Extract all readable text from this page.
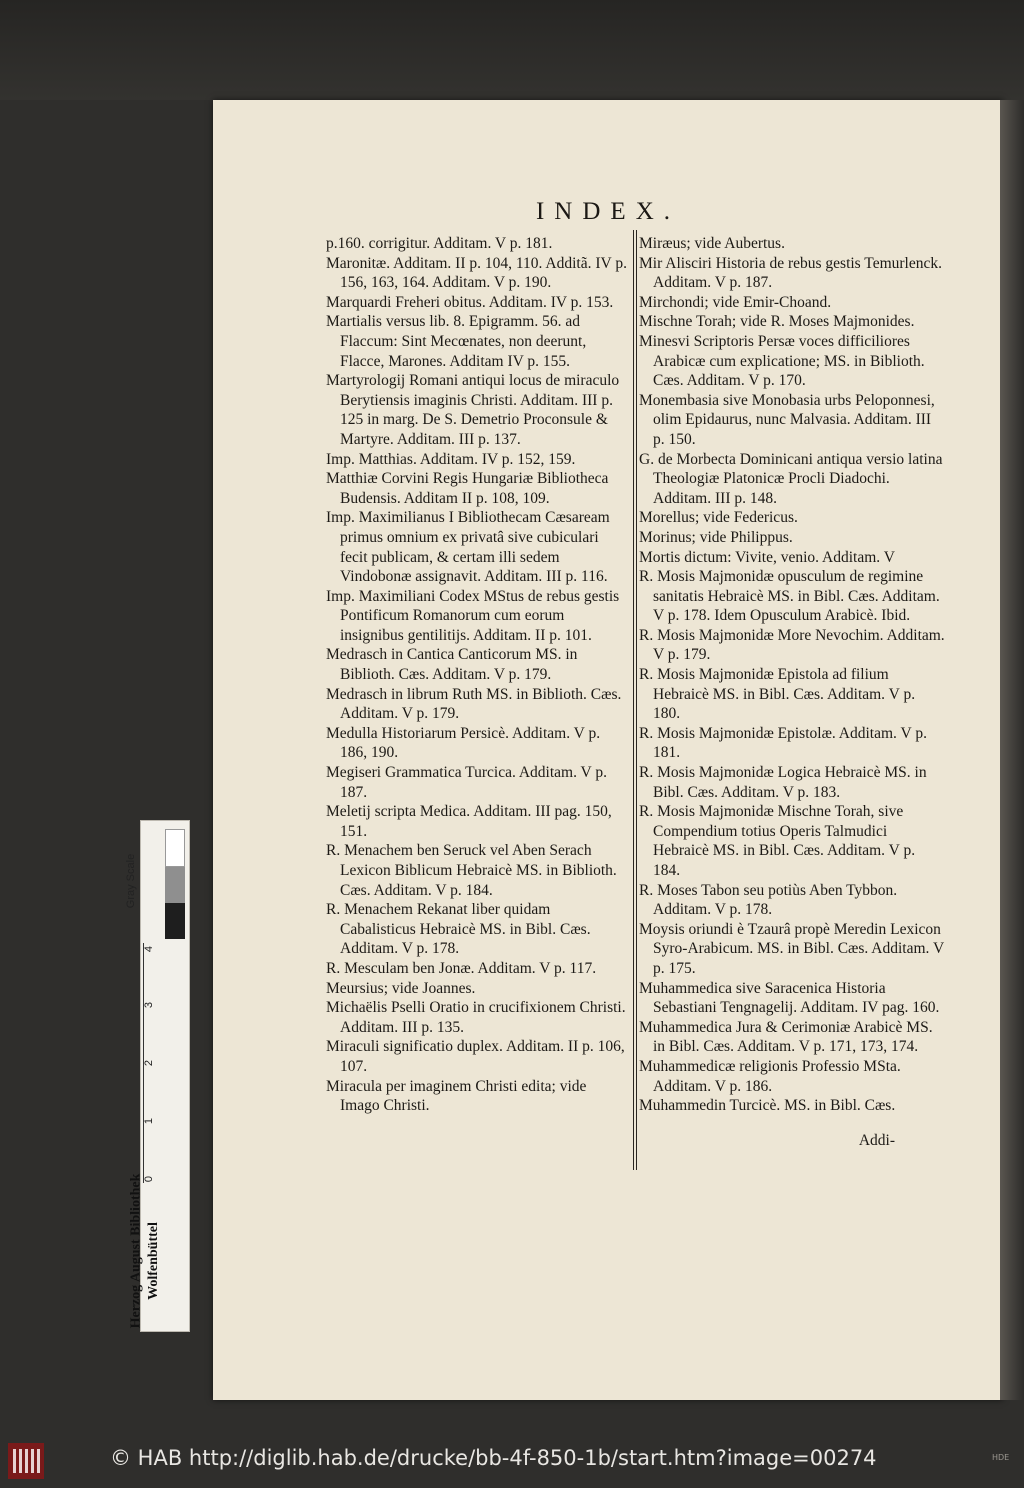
INDEX.

p.160. corrigitur. Additam. V p. 181.

Maronitæ. Additam. II p. 104, 110. Additã. IV p. 156, 163, 164. Additam. V p. 190.

Marquardi Freheri obitus. Additam. IV p. 153.

Martialis versus lib. 8. Epigramm. 56. ad Flaccum: Sint Mecœnates, non deerunt, Flacce, Marones. Additam IV p. 155.

Martyrologij Romani antiqui locus de miraculo Berytiensis imaginis Christi. Additam. III p. 125 in marg. De S. Demetrio Proconsule & Martyre. Additam. III p. 137.

Imp. Matthias. Additam. IV p. 152, 159.

Matthiæ Corvini Regis Hungariæ Bibliotheca Budensis. Additam II p. 108, 109.

Imp. Maximilianus I Bibliothecam Cæsaream primus omnium ex privatâ sive cubiculari fecit publicam, & certam illi sedem Vindobonæ assignavit. Additam. III p. 116.

Imp. Maximiliani Codex MStus de rebus gestis Pontificum Romanorum cum eorum insignibus gentilitijs. Additam. II p. 101.

Medrasch in Cantica Canticorum MS. in Biblioth. Cæs. Additam. V p. 179.

Medrasch in librum Ruth MS. in Biblioth. Cæs. Additam. V p. 179.

Medulla Historiarum Persicè. Additam. V p. 186, 190.

Megiseri Grammatica Turcica. Additam. V p. 187.

Meletij scripta Medica. Additam. III pag. 150, 151.

R. Menachem ben Seruck vel Aben Serach Lexicon Biblicum Hebraicè MS. in Biblioth. Cæs. Additam. V p. 184.

R. Menachem Rekanat liber quidam Cabalisticus Hebraicè MS. in Bibl. Cæs. Additam. V p. 178.

R. Mesculam ben Jonæ. Additam. V p. 117.

Meursius; vide Joannes.

Michaëlis Pselli Oratio in crucifixionem Christi. Additam. III p. 135.

Miraculi significatio duplex. Additam. II p. 106, 107.

Miracula per imaginem Christi edita; vide Imago Christi.

Miræus; vide Aubertus.

Mir Alisciri Historia de rebus gestis Temurlenck. Additam. V p. 187.

Mirchondi; vide Emir-Choand.

Mischne Torah; vide R. Moses Majmonides.

Minesvi Scriptoris Persæ voces difficiliores Arabicæ cum explicatione; MS. in Biblioth. Cæs. Additam. V p. 170.

Monembasia sive Monobasia urbs Peloponnesi, olim Epidaurus, nunc Malvasia. Additam. III p. 150.

G. de Morbecta Dominicani antiqua versio latina Theologiæ Platonicæ Procli Diadochi. Additam. III p. 148.

Morellus; vide Federicus.

Morinus; vide Philippus.

Mortis dictum: Vivite, venio. Additam. V

R. Mosis Majmonidæ opusculum de regimine sanitatis Hebraicè MS. in Bibl. Cæs. Additam. V p. 178. Idem Opusculum Arabicè. Ibid.

R. Mosis Majmonidæ More Nevochim. Additam. V p. 179.

R. Mosis Majmonidæ Epistola ad filium Hebraicè MS. in Bibl. Cæs. Additam. V p. 180.

R. Mosis Majmonidæ Epistolæ. Additam. V p. 181.

R. Mosis Majmonidæ Logica Hebraicè MS. in Bibl. Cæs. Additam. V p. 183.

R. Mosis Majmonidæ Mischne Torah, sive Compendium totius Operis Talmudici Hebraicè MS. in Bibl. Cæs. Additam. V p. 184.

R. Moses Tabon seu potiùs Aben Tybbon. Additam. V p. 178.

Moysis oriundi è Tzaurâ propè Meredin Lexicon Syro-Arabicum. MS. in Bibl. Cæs. Additam. V p. 175.

Muhammedica sive Saracenica Historia Sebastiani Tengnagelij. Additam. IV pag. 160.

Muhammedica Jura & Cerimoniæ Arabicè MS. in Bibl. Cæs. Additam. V p. 171, 173, 174.

Muhammedicæ religionis Professio MSta. Additam. V p. 186.

Muhammedin Turcicè. MS. in Bibl. Cæs.

Addi-

Gray Scale
0
1
2
3
4
Herzog August Bibliothek Wolfenbüttel
© HAB http://diglib.hab.de/drucke/bb-4f-850-1b/start.htm?image=00274	HDE
